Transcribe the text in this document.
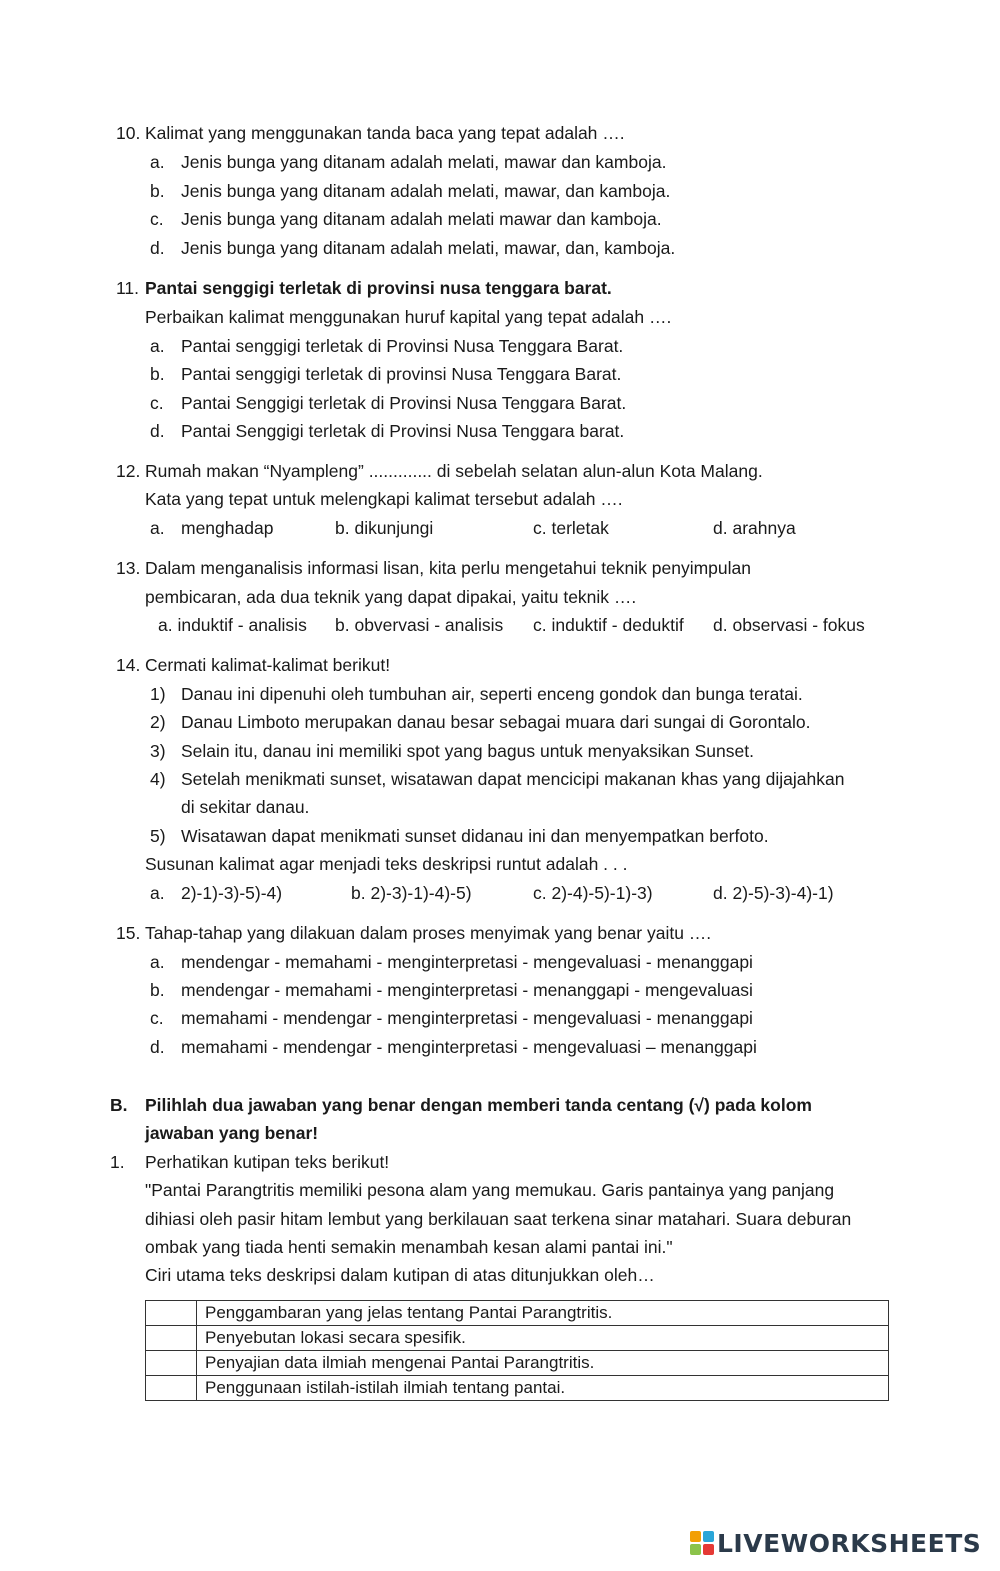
10. Kalimat yang menggunakan tanda baca yang tepat adalah ….
a. Jenis bunga yang ditanam adalah melati, mawar dan kamboja.
b. Jenis bunga yang ditanam adalah melati, mawar, dan kamboja.
c. Jenis bunga yang ditanam adalah melati mawar dan kamboja.
d. Jenis bunga yang ditanam adalah melati, mawar, dan, kamboja.
11. Pantai senggigi terletak di provinsi nusa tenggara barat.
Perbaikan kalimat menggunakan huruf kapital yang tepat adalah ….
a. Pantai senggigi terletak di Provinsi Nusa Tenggara Barat.
b. Pantai senggigi terletak di provinsi Nusa Tenggara Barat.
c. Pantai Senggigi terletak di Provinsi Nusa Tenggara Barat.
d. Pantai Senggigi terletak di Provinsi Nusa Tenggara barat.
12. Rumah makan “Nyampleng” ............. di sebelah selatan alun-alun Kota Malang.
Kata yang tepat untuk melengkapi kalimat tersebut adalah ….
a. menghadap	b. dikunjungi	c. terletak	d. arahnya
13. Dalam menganalisis informasi lisan, kita perlu mengetahui teknik penyimpulan
pembicaran, ada dua teknik yang dapat dipakai, yaitu teknik ….
a. induktif - analisis b. obvervasi - analisis c. induktif - deduktif d. observasi - fokus
14. Cermati kalimat-kalimat berikut!
1) Danau ini dipenuhi oleh tumbuhan air, seperti enceng gondok dan bunga teratai.
2) Danau Limboto merupakan danau besar sebagai muara dari sungai di Gorontalo.
3) Selain itu, danau ini memiliki spot yang bagus untuk menyaksikan Sunset.
4) Setelah menikmati sunset, wisatawan dapat mencicipi makanan khas yang dijajahkan
di sekitar danau.
5) Wisatawan dapat menikmati sunset didanau ini dan menyempatkan berfoto.
Susunan kalimat agar menjadi teks deskripsi runtut adalah . . .
a. 2)-1)-3)-5)-4)	b. 2)-3)-1)-4)-5)	c. 2)-4)-5)-1)-3)	d. 2)-5)-3)-4)-1)
15. Tahap-tahap yang dilakuan dalam proses menyimak yang benar yaitu ….
a. mendengar - memahami - menginterpretasi - mengevaluasi - menanggapi
b. mendengar - memahami - menginterpretasi - menanggapi - mengevaluasi
c. memahami - mendengar - menginterpretasi - mengevaluasi - menanggapi
d. memahami - mendengar - menginterpretasi - mengevaluasi – menanggapi
B. Pilihlah dua jawaban yang benar dengan memberi tanda centang (√) pada kolom
jawaban yang benar!
1. Perhatikan kutipan teks berikut!
"Pantai Parangtritis memiliki pesona alam yang memukau. Garis pantainya yang panjang
dihiasi oleh pasir hitam lembut yang berkilauan saat terkena sinar matahari. Suara deburan
ombak yang tiada henti semakin menambah kesan alami pantai ini."
Ciri utama teks deskripsi dalam kutipan di atas ditunjukkan oleh…
	Penggambaran yang jelas tentang Pantai Parangtritis.
	Penyebutan lokasi secara spesifik.
	Penyajian data ilmiah mengenai Pantai Parangtritis.
	Penggunaan istilah-istilah ilmiah tentang pantai.
LIVEWORKSHEETS
